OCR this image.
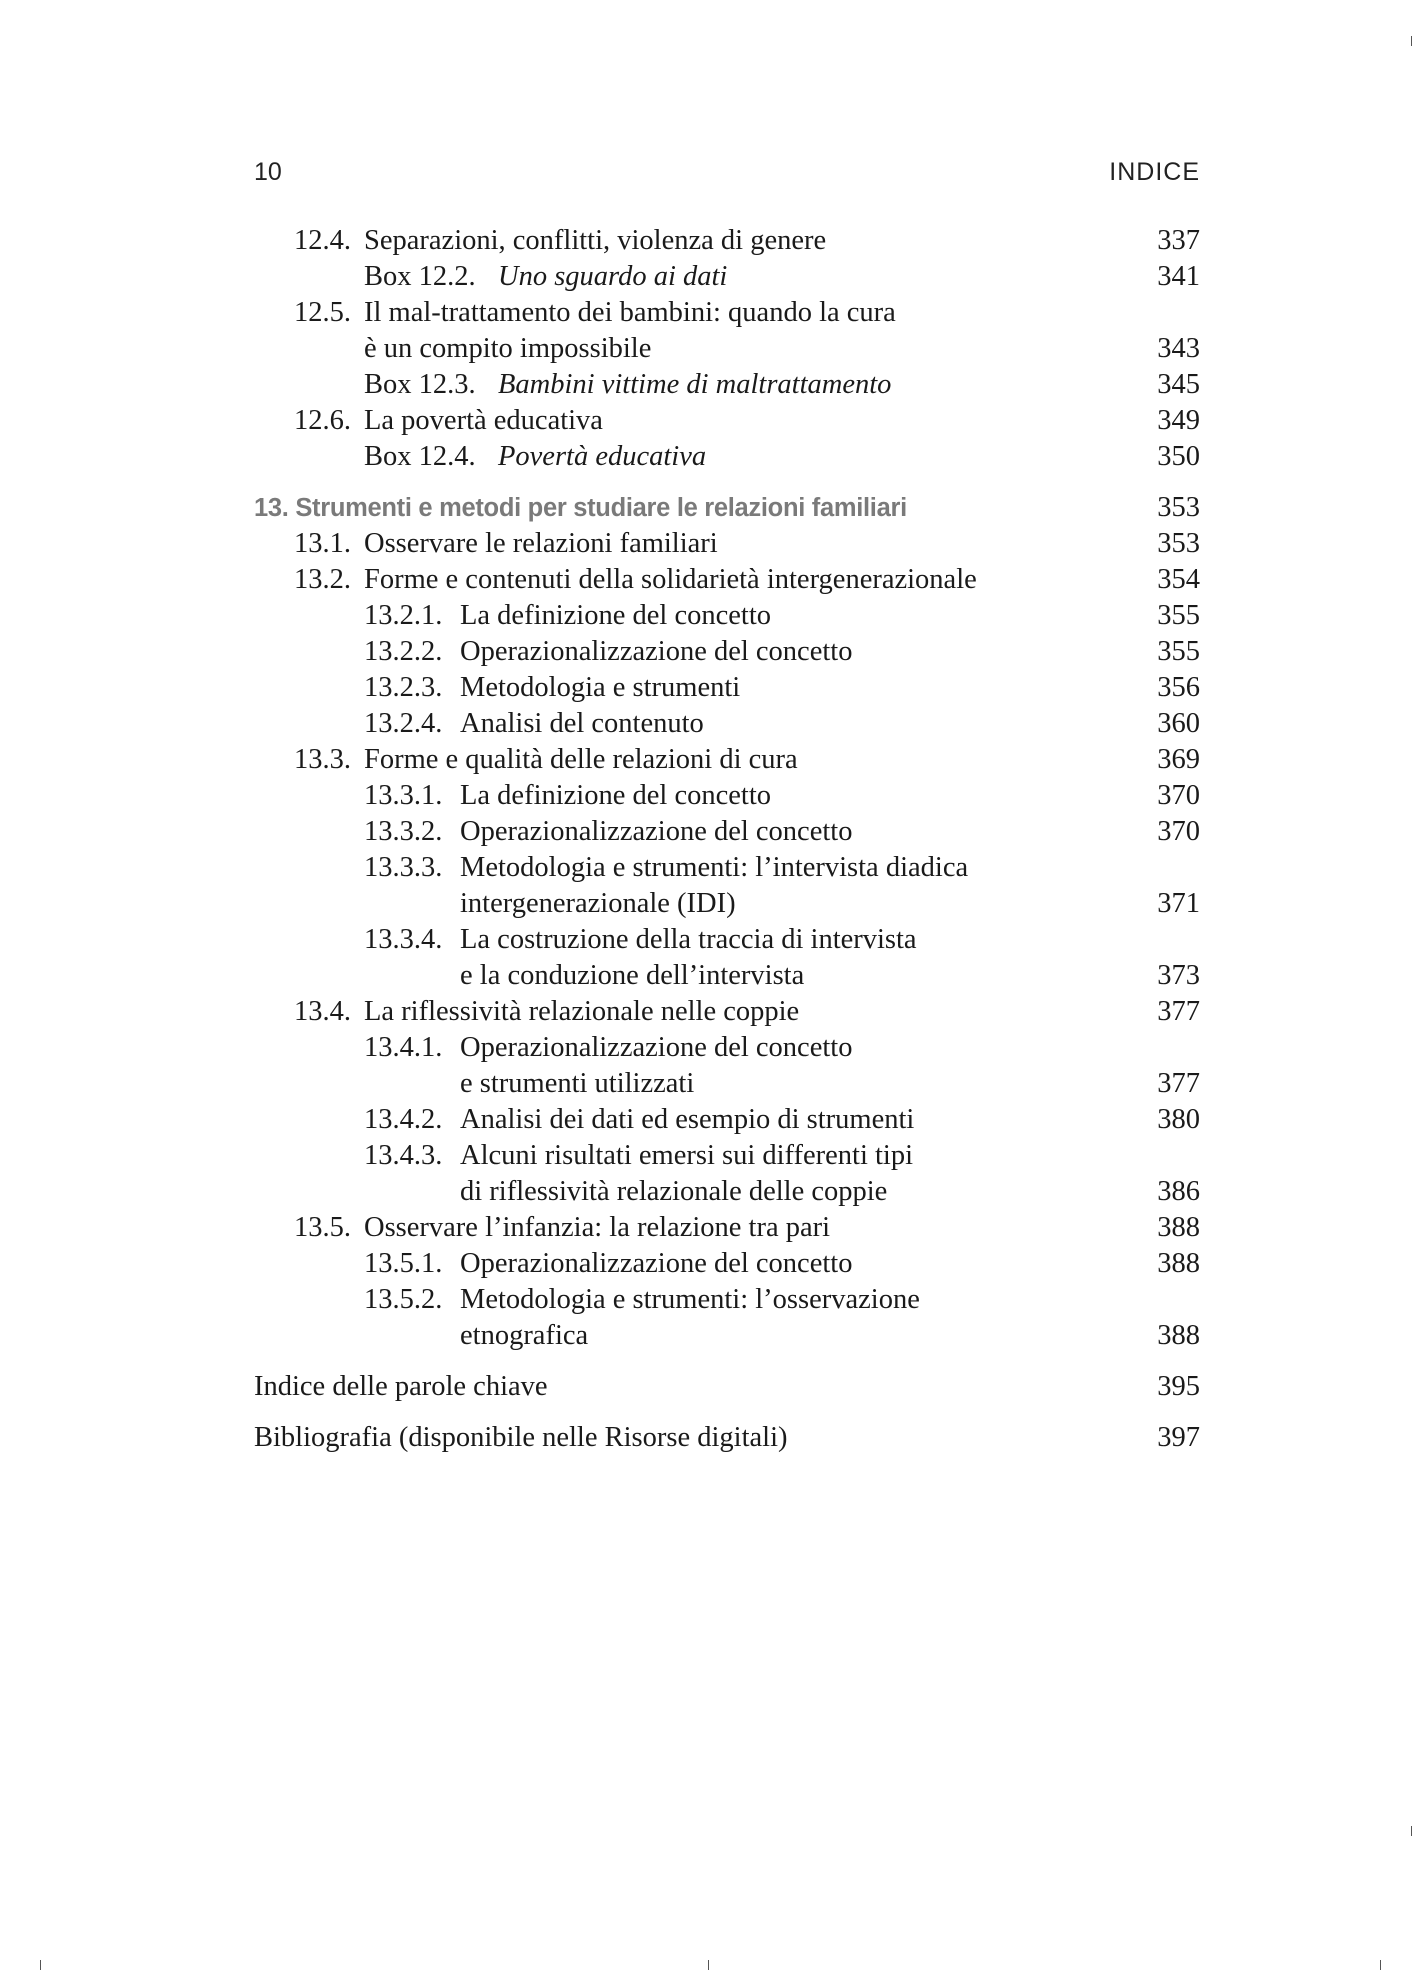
10	INDICE
12.4. Separazioni, conflitti, violenza di genere	337
Box 12.2. Uno sguardo ai dati	341
12.5. Il mal-trattamento dei bambini: quando la cura
è un compito impossibile	343
Box 12.3. Bambini vittime di maltrattamento	345
12.6. La povertà educativa	349
Box 12.4. Povertà educativa	350
13. Strumenti e metodi per studiare le relazioni familiari	353
13.1. Osservare le relazioni familiari	353
13.2. Forme e contenuti della solidarietà intergenerazionale	354
13.2.1. La definizione del concetto	355
13.2.2. Operazionalizzazione del concetto	355
13.2.3. Metodologia e strumenti	356
13.2.4. Analisi del contenuto	360
13.3. Forme e qualità delle relazioni di cura	369
13.3.1. La definizione del concetto	370
13.3.2. Operazionalizzazione del concetto	370
13.3.3. Metodologia e strumenti: l’intervista diadica
intergenerazionale (IDI)	371
13.3.4. La costruzione della traccia di intervista
e la conduzione dell’intervista	373
13.4. La riflessività relazionale nelle coppie	377
13.4.1. Operazionalizzazione del concetto
e strumenti utilizzati	377
13.4.2. Analisi dei dati ed esempio di strumenti	380
13.4.3. Alcuni risultati emersi sui differenti tipi
di riflessività relazionale delle coppie	386
13.5. Osservare l’infanzia: la relazione tra pari	388
13.5.1. Operazionalizzazione del concetto	388
13.5.2. Metodologia e strumenti: l’osservazione
etnografica	388
Indice delle parole chiave	395
Bibliografia (disponibile nelle Risorse digitali)	397
